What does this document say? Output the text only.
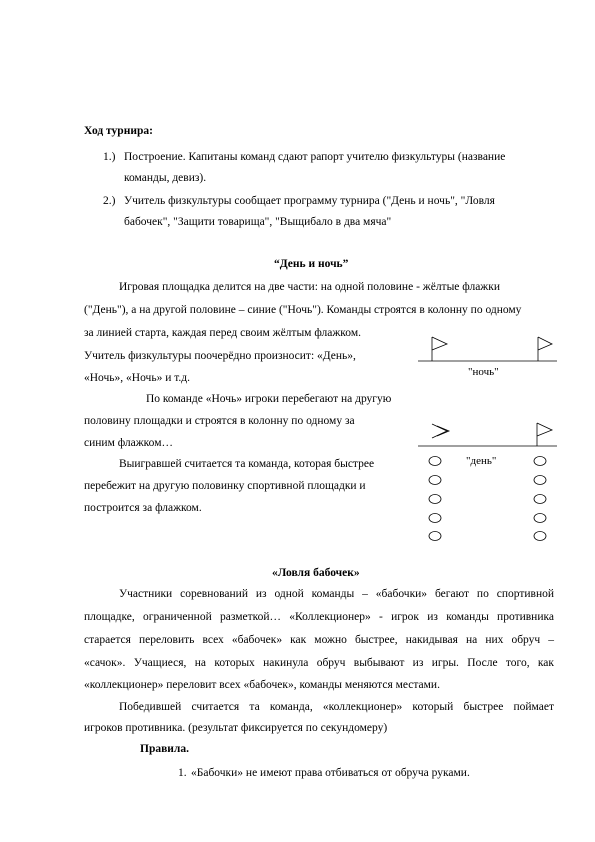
Ход турнира:
1.) Построение. Капитаны команд сдают рапорт учителю физкультуры (название
команды, девиз).
2.) Учитель физкультуры сообщает программу турнира ("День и ночь", "Ловля
бабочек", "Защити товарища", "Выщибало в два мяча"
“День и ночь”
Игровая площадка делится на две части: на одной половине - жёлтые флажки
("День"), а на другой половине – синие ("Ночь"). Команды строятся в колонну по одному
за линией старта, каждая перед своим жёлтым флажком.
Учитель физкультуры поочерёдно произносит: «День»,
«Ночь», «Ночь» и т.д.
По команде «Ночь» игроки перебегают на другую
половину площадки и строятся в колонну по одному за
синим флажком…
Выигравшей считается та команда, которая быстрее
перебежит на другую половинку спортивной площадки и
построится за флажком.
"ночь"
"день"
«Ловля бабочек»
Участники соревнований из одной команды – «бабочки» бегают по спортивной
площадке, ограниченной разметкой… «Коллекционер» - игрок из команды противника
старается переловить всех «бабочек» как можно быстрее, накидывая на них обруч –
«сачок». Учащиеся, на которых накинула обруч выбывают из игры. После того, как
«коллекционер» переловит всех «бабочек», команды меняются местами.
Победившей считается та команда, «коллекционер» который быстрее поймает
игроков противника. (результат фиксируется по секундомеру)
Правила.
1. «Бабочки» не имеют права отбиваться от обруча руками.
